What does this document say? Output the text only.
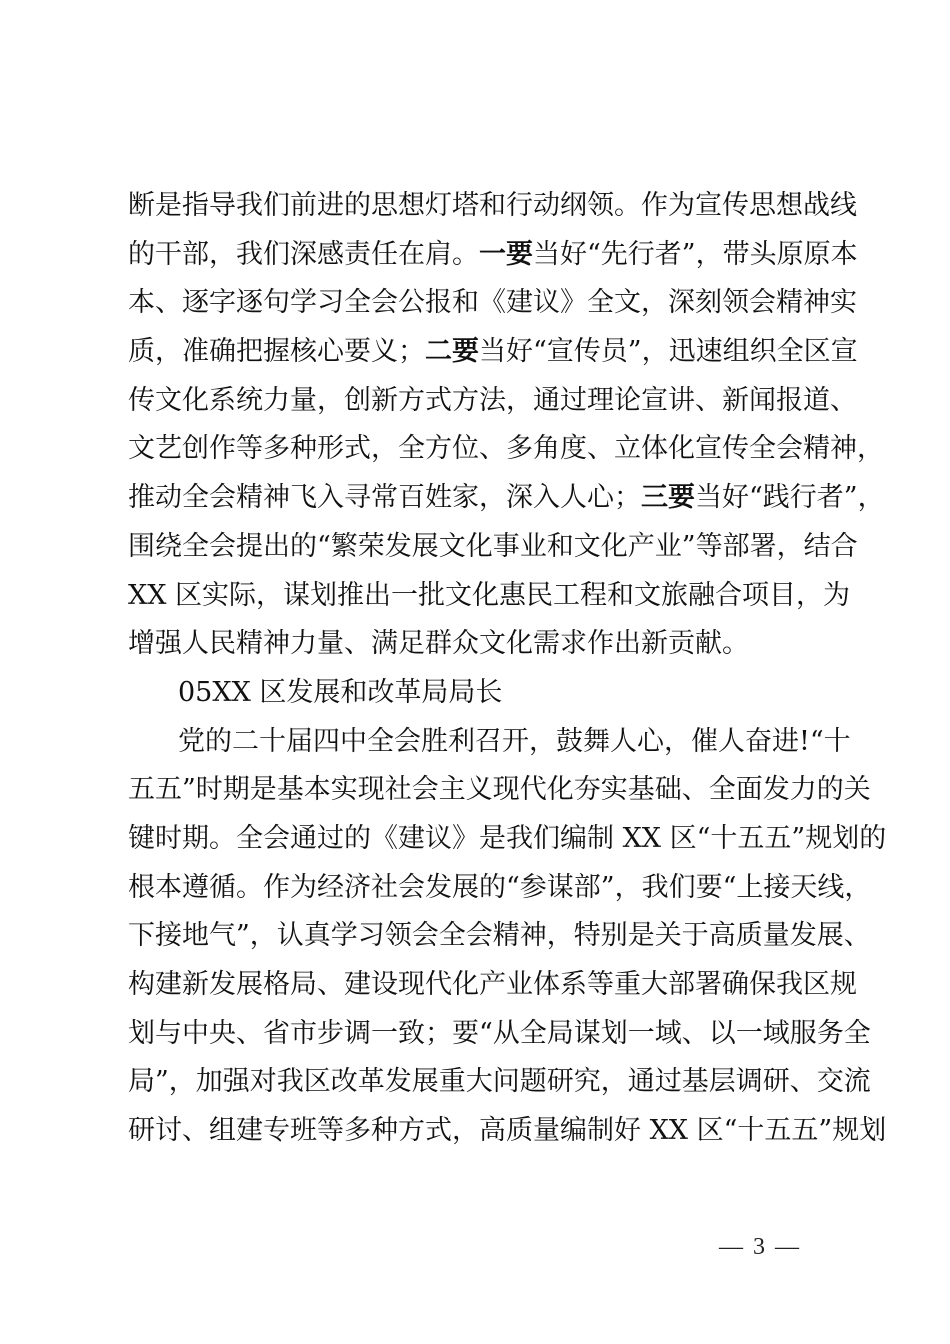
断是指导我们前进的思想灯塔和行动纲领。作为宣传思想战线
的干部，我们深感责任在肩。一要当好“先行者”，带头原原本
本、逐字逐句学习全会公报和《建议》全文，深刻领会精神实
质，准确把握核心要义；二要当好“宣传员”，迅速组织全区宣
传文化系统力量，创新方式方法，通过理论宣讲、新闻报道、
文艺创作等多种形式，全方位、多角度、立体化宣传全会精神，
推动全会精神飞入寻常百姓家，深入人心；三要当好“践行者”，
围绕全会提出的“繁荣发展文化事业和文化产业”等部署，结合
XX 区实际，谋划推出一批文化惠民工程和文旅融合项目，为
增强人民精神力量、满足群众文化需求作出新贡献。
05XX 区发展和改革局局长
党的二十届四中全会胜利召开，鼓舞人心，催人奋进!“十
五五”时期是基本实现社会主义现代化夯实基础、全面发力的关
键时期。全会通过的《建议》是我们编制 XX 区“十五五”规划的
根本遵循。作为经济社会发展的“参谋部”，我们要“上接天线，
下接地气”，认真学习领会全会精神，特别是关于高质量发展、
构建新发展格局、建设现代化产业体系等重大部署确保我区规
划与中央、省市步调一致；要“从全局谋划一域、以一域服务全
局”，加强对我区改革发展重大问题研究，通过基层调研、交流
研讨、组建专班等多种方式，高质量编制好 XX 区“十五五”规划
— 3 —
